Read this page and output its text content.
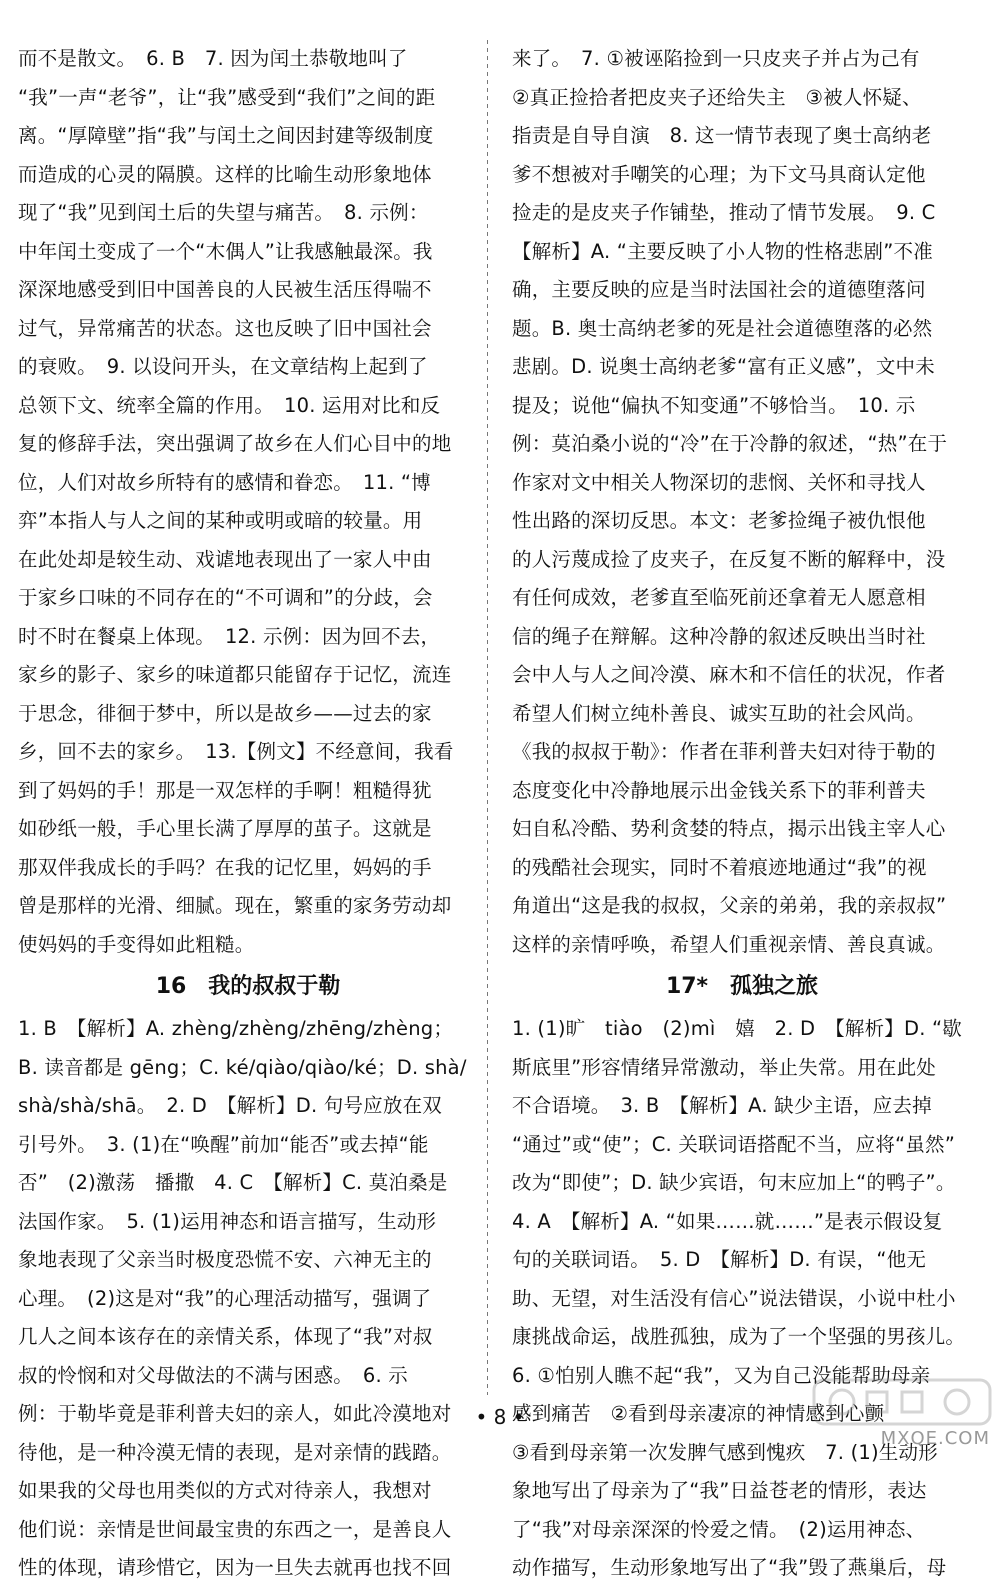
而不是散文。　6. B　7. 因为闰土恭敬地叫了
“我”一声“老爷”，让“我”感受到“我们”之间的距
离。“厚障壁”指“我”与闰土之间因封建等级制度
而造成的心灵的隔膜。这样的比喻生动形象地体
现了“我”见到闰土后的失望与痛苦。　8. 示例：
中年闰土变成了一个“木偶人”让我感触最深。我
深深地感受到旧中国善良的人民被生活压得喘不
过气，异常痛苦的状态。这也反映了旧中国社会
的衰败。　9. 以设问开头，在文章结构上起到了
总领下文、统率全篇的作用。　10. 运用对比和反
复的修辞手法，突出强调了故乡在人们心目中的地
位，人们对故乡所特有的感情和眷恋。　11. “博
弈”本指人与人之间的某种或明或暗的较量。用
在此处却是较生动、戏谑地表现出了一家人中由
于家乡口味的不同存在的“不可调和”的分歧，会
时不时在餐桌上体现。　12. 示例：因为回不去，
家乡的影子、家乡的味道都只能留存于记忆，流连
于思念，徘徊于梦中，所以是故乡——过去的家
乡，回不去的家乡。　13.【例文】不经意间，我看
到了妈妈的手！那是一双怎样的手啊！粗糙得犹
如砂纸一般，手心里长满了厚厚的茧子。这就是
那双伴我成长的手吗？在我的记忆里，妈妈的手
曾是那样的光滑、细腻。现在，繁重的家务劳动却
使妈妈的手变得如此粗糙。
16　我的叔叔于勒
1. B　【解析】A. zhèng/zhèng/zhēng/zhèng；
B. 读音都是 gēng；C. ké/qiào/qiào/ké；D. shà/
shà/shà/shā。　2. D　【解析】D. 句号应放在双
引号外。　3. (1)在“唤醒”前加“能否”或去掉“能
否”　(2)激荡　播撒　4. C　【解析】C. 莫泊桑是
法国作家。　5. (1)运用神态和语言描写，生动形
象地表现了父亲当时极度恐慌不安、六神无主的
心理。　(2)这是对“我”的心理活动描写，强调了
几人之间本该存在的亲情关系，体现了“我”对叔
叔的怜悯和对父母做法的不满与困惑。　6. 示
例：于勒毕竟是菲利普夫妇的亲人，如此冷漠地对
待他，是一种冷漠无情的表现，是对亲情的践踏。
如果我的父母也用类似的方式对待亲人，我想对
他们说：亲情是世间最宝贵的东西之一，是善良人
性的体现，请珍惜它，因为一旦失去就再也找不回
来了。　7. ①被诬陷捡到一只皮夹子并占为己有
②真正捡拾者把皮夹子还给失主　③被人怀疑、
指责是自导自演　8. 这一情节表现了奥士高纳老
爹不想被对手嘲笑的心理；为下文马具商认定他
捡走的是皮夹子作铺垫，推动了情节发展。　9. C
【解析】A. “主要反映了小人物的性格悲剧”不准
确，主要反映的应是当时法国社会的道德堕落问
题。B. 奥士高纳老爹的死是社会道德堕落的必然
悲剧。D. 说奥士高纳老爹“富有正义感”，文中未
提及；说他“偏执不知变通”不够恰当。　10. 示
例：莫泊桑小说的“冷”在于冷静的叙述，“热”在于
作家对文中相关人物深切的悲悯、关怀和寻找人
性出路的深切反思。本文：老爹捡绳子被仇恨他
的人污蔑成捡了皮夹子，在反复不断的解释中，没
有任何成效，老爹直至临死前还拿着无人愿意相
信的绳子在辩解。这种冷静的叙述反映出当时社
会中人与人之间冷漠、麻木和不信任的状况，作者
希望人们树立纯朴善良、诚实互助的社会风尚。
《我的叔叔于勒》：作者在菲利普夫妇对待于勒的
态度变化中冷静地展示出金钱关系下的菲利普夫
妇自私冷酷、势利贪婪的特点，揭示出钱主宰人心
的残酷社会现实，同时不着痕迹地通过“我”的视
角道出“这是我的叔叔，父亲的弟弟，我的亲叔叔”
这样的亲情呼唤，希望人们重视亲情、善良真诚。
17*　孤独之旅
1. (1)旷　tiào　(2)mì　嬉　2. D　【解析】D. “歇
斯底里”形容情绪异常激动，举止失常。用在此处
不合语境。　3. B　【解析】A. 缺少主语，应去掉
“通过”或“使”；C. 关联词语搭配不当，应将“虽然”
改为“即使”；D. 缺少宾语，句末应加上“的鸭子”。
4. A　【解析】A. “如果……就……”是表示假设复
句的关联词语。　5. D　【解析】D. 有误，“他无
助、无望，对生活没有信心”说法错误，小说中杜小
康挑战命运，战胜孤独，成为了一个坚强的男孩儿。
6. ①怕别人瞧不起“我”，又为自己没能帮助母亲
感到痛苦　②看到母亲凄凉的神情感到心颤
③看到母亲第一次发脾气感到愧疚　7. (1)生动形
象地写出了母亲为了“我”日益苍老的情形，表达
了“我”对母亲深深的怜爱之情。　(2)运用神态、
动作描写，生动形象地写出了“我”毁了燕巢后，母
• 8 •
MXQE.COM
